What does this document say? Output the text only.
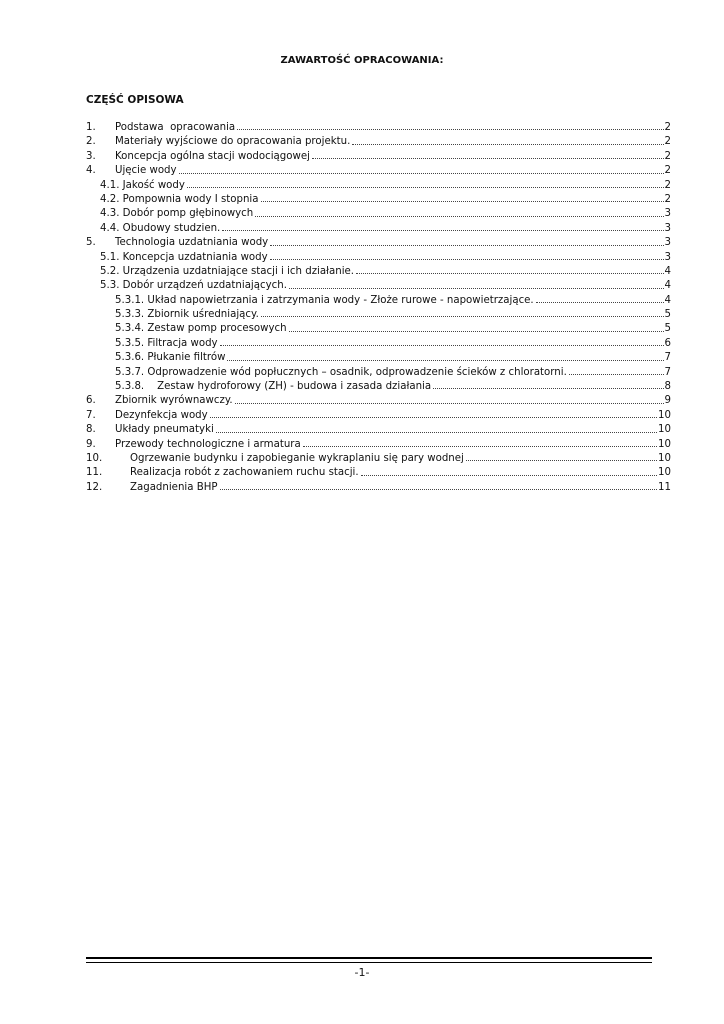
ZAWARTOŚĆ OPRACOWANIA:
CZĘŚĆ OPISOWA
1.	Podstawa  opracowania	2
2.	Materiały wyjściowe do opracowania projektu.	2
3.	Koncepcja ogólna stacji wodociągowej	2
4.	Ujęcie wody	2
4.1. Jakość wody	2
4.2. Pompownia wody I stopnia	2
4.3. Dobór pomp głębinowych	3
4.4. Obudowy studzien.	3
5.	Technologia uzdatniania wody	3
5.1. Koncepcja uzdatniania wody	3
5.2. Urządzenia uzdatniające stacji i ich działanie.	4
5.3. Dobór urządzeń uzdatniających.	4
5.3.1. Układ napowietrzania i zatrzymania wody - Złoże rurowe - napowietrzające.	4
5.3.3. Zbiornik uśredniający.	5
5.3.4. Zestaw pomp procesowych	5
5.3.5. Filtracja wody	6
5.3.6. Płukanie filtrów	7
5.3.7. Odprowadzenie wód popłucznych – osadnik, odprowadzenie ścieków z chloratorni.	7
5.3.8.    Zestaw hydroforowy (ZH) - budowa i zasada działania	8
6.	Zbiornik wyrównawczy.	9
7.	Dezynfekcja wody	10
8.	Układy pneumatyki	10
9.	Przewody technologiczne i armatura	10
10.	Ogrzewanie budynku i zapobieganie wykraplaniu się pary wodnej	10
11.	Realizacja robót z zachowaniem ruchu stacji.	10
12.	Zagadnienia BHP	11
-1-
